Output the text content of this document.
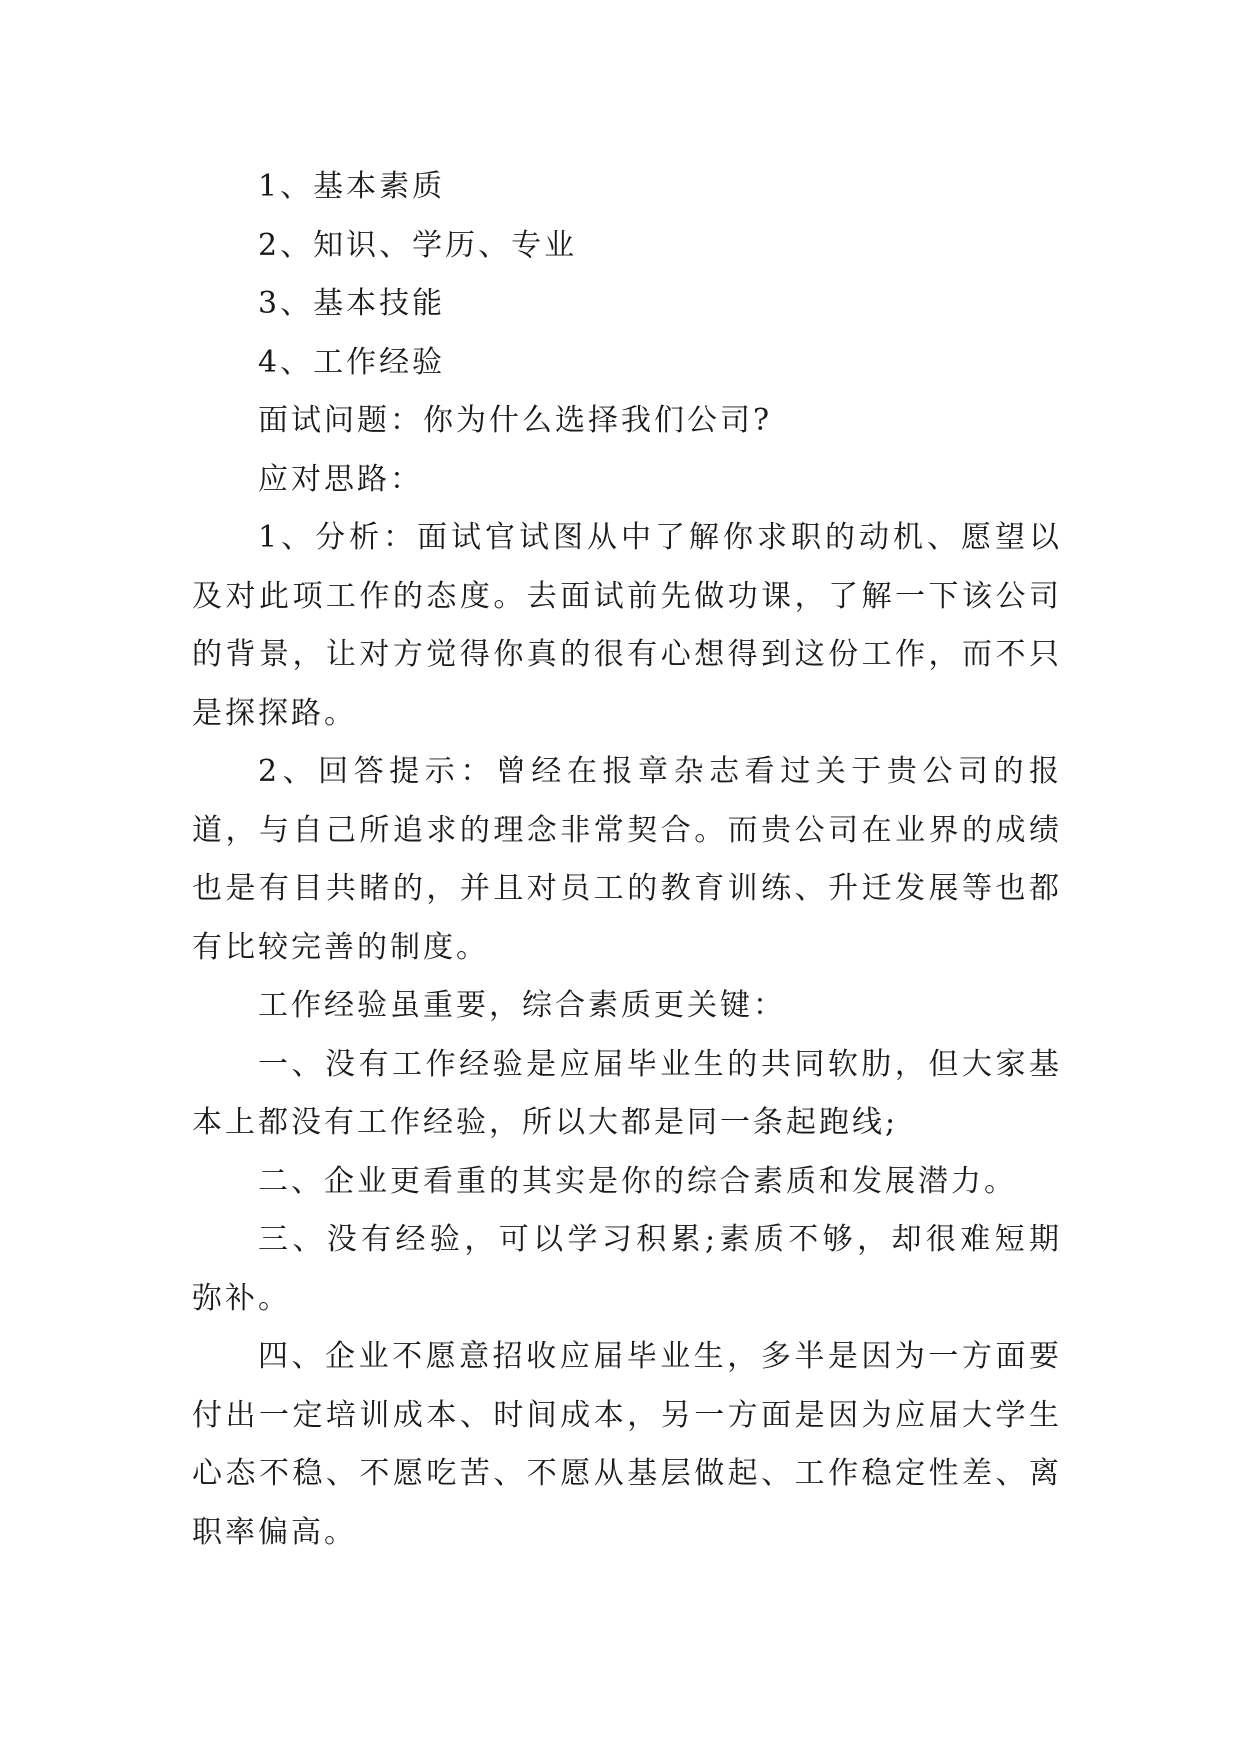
1、基本素质

2、知识、学历、专业

3、基本技能

4、工作经验

面试问题：你为什么选择我们公司?

应对思路：

1、分析：面试官试图从中了解你求职的动机、愿望以及对此项工作的态度。去面试前先做功课，了解一下该公司的背景，让对方觉得你真的很有心想得到这份工作，而不只是探探路。

2、回答提示：曾经在报章杂志看过关于贵公司的报道，与自己所追求的理念非常契合。而贵公司在业界的成绩也是有目共睹的，并且对员工的教育训练、升迁发展等也都有比较完善的制度。

工作经验虽重要，综合素质更关键：

一、没有工作经验是应届毕业生的共同软肋，但大家基本上都没有工作经验，所以大都是同一条起跑线;

二、企业更看重的其实是你的综合素质和发展潜力。

三、没有经验，可以学习积累;素质不够，却很难短期弥补。

四、企业不愿意招收应届毕业生，多半是因为一方面要付出一定培训成本、时间成本，另一方面是因为应届大学生心态不稳、不愿吃苦、不愿从基层做起、工作稳定性差、离职率偏高。
